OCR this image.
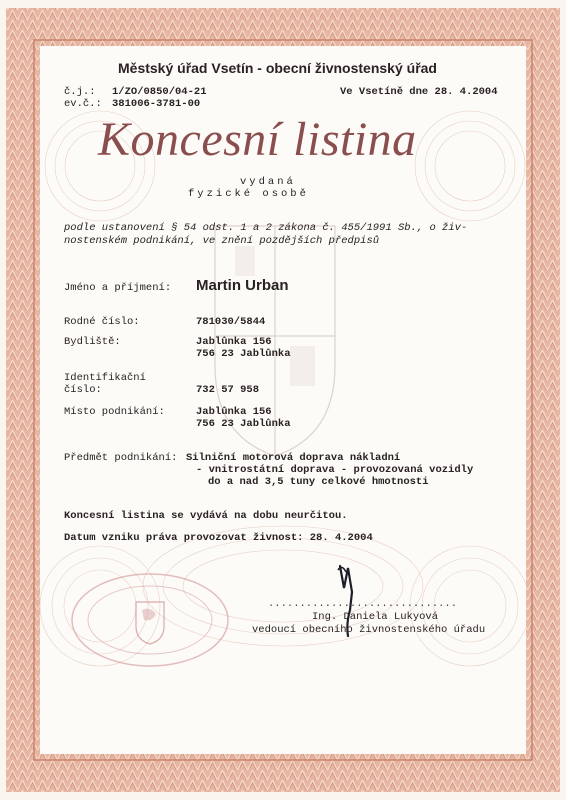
Městský úřad Vsetín - obecní živnostenský úřad
č.j.: 1/ZO/0850/04-21
ev.č.: 381006-3781-00
Ve Vsetíně dne 28. 4.2004
Koncesní listina
vydaná
fyzické osobě
podle ustanovení § 54 odst. 1 a 2 zákona č. 455/1991 Sb., o živ-
nostenském podnikání, ve znění pozdějších předpisů
Jméno a příjmení: Martin Urban
Rodné číslo:	781030/5844
Bydliště:	Jablůnka 156
756 23 Jablůnka
Identifikační
číslo:	732 57 958
Místo podnikání:	Jablůnka 156
756 23 Jablůnka
Předmět podnikání: Silniční motorová doprava nákladní
- vnitrostátní doprava - provozovaná vozidly
do a nad 3,5 tuny celkové hmotnosti
Koncesní listina se vydává na dobu neurčitou.
Datum vzniku práva provozovat živnost: 28. 4.2004
..............................
Ing. Daniela Lukyová
vedoucí obecního živnostenského úřadu
